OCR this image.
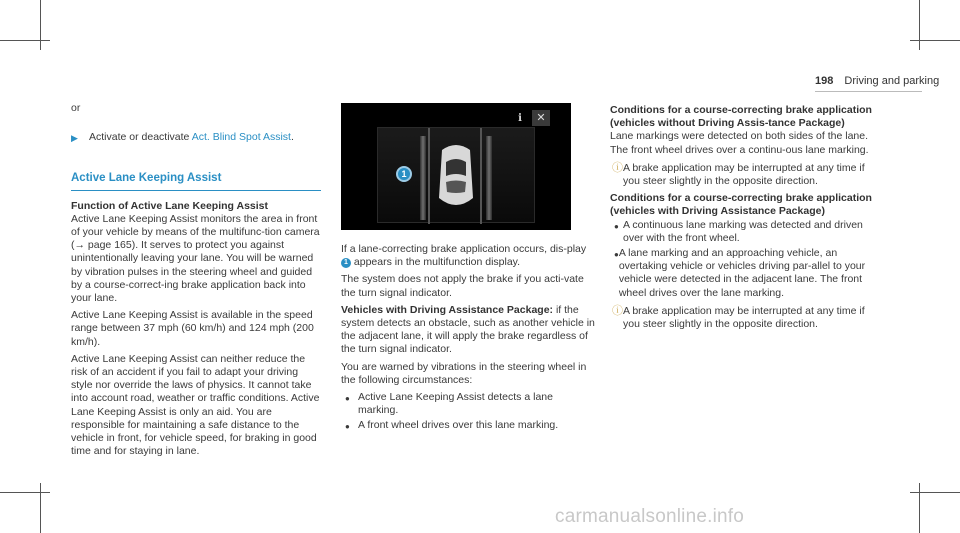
198 Driving and parking
or
▶	Activate or deactivate Act. Blind Spot Assist.
Active Lane Keeping Assist
Function of Active Lane Keeping Assist

Active Lane Keeping Assist monitors the area in front of your vehicle by means of the multifunc-tion camera (→ page 165). It serves to protect you against unintentionally leaving your lane. You will be warned by vibration pulses in the steering wheel and guided by a course-correct-ing brake application back into your lane.

Active Lane Keeping Assist is available in the speed range between 37 mph (60 km/h) and 124 mph (200 km/h).

Active Lane Keeping Assist can neither reduce the risk of an accident if you fail to adapt your driving style nor override the laws of physics. It cannot take into account road, weather or traffic conditions. Active Lane Keeping Assist is only an aid. You are responsible for maintaining a safe distance to the vehicle in front, for vehicle speed, for braking in good time and for staying in lane.

i	✕
1

If a lane-correcting brake application occurs, dis-play 1 appears in the multifunction display.

The system does not apply the brake if you acti-vate the turn signal indicator.

Vehicles with Driving Assistance Package: if the system detects an obstacle, such as another vehicle in the adjacent lane, it will apply the brake regardless of the turn signal indicator.

You are warned by vibrations in the steering wheel in the following circumstances:

● Active Lane Keeping Assist detects a lane marking.
● A front wheel drives over this lane marking.
Conditions for a course-correcting brake application (vehicles without Driving Assis-tance Package)

Lane markings were detected on both sides of the lane. The front wheel drives over a continu-ous lane marking.

ⓘ A brake application may be interrupted at any time if you steer slightly in the opposite direction.
Conditions for a course-correcting brake application (vehicles with Driving Assistance Package)
● A continuous lane marking was detected and driven over with the front wheel.
● A lane marking and an approaching vehicle, an overtaking vehicle or vehicles driving par-allel to your vehicle were detected in the adjacent lane. The front wheel drives over the lane marking.
ⓘ A brake application may be interrupted at any time if you steer slightly in the opposite direction.
carmanualsonline.info
